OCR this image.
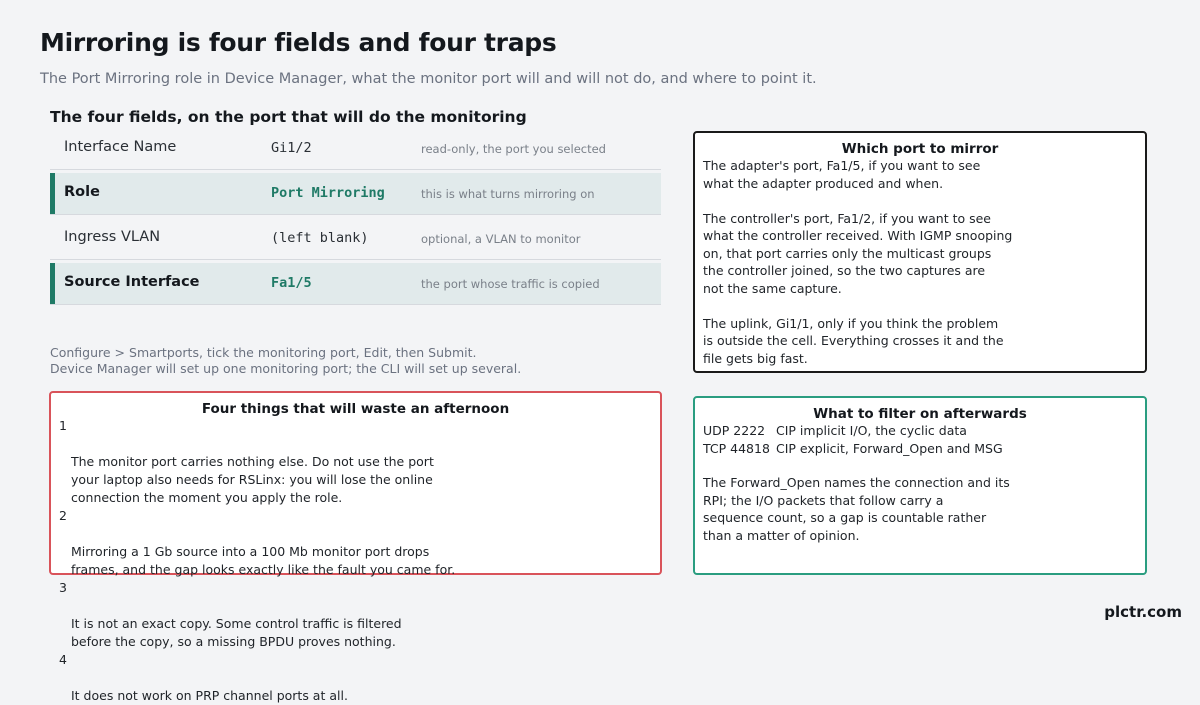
Mirroring is four fields and four traps
The Port Mirroring role in Device Manager, what the monitor port will and will not do, and where to point it.
The four fields, on the port that will do the monitoring
Interface Name	Gi1/2	read-only, the port you selected
Role	Port Mirroring	this is what turns mirroring on
Ingress VLAN	(left blank)	optional, a VLAN to monitor
Source Interface	Fa1/5	the port whose traffic is copied
Configure > Smartports, tick the monitoring port, Edit, then Submit.
Device Manager will set up one monitoring port; the CLI will set up several.
Which port to mirror
The adapter's port, Fa1/5, if you want to see
what the adapter produced and when.

The controller's port, Fa1/2, if you want to see
what the controller received. With IGMP snooping
on, that port carries only the multicast groups
the controller joined, so the two captures are
not the same capture.

The uplink, Gi1/1, only if you think the problem
is outside the cell. Everything crosses it and the
file gets big fast.
Four things that will waste an afternoon

1

The monitor port carries nothing else. Do not use the port
your laptop also needs for RSLinx: you will lose the online
connection the moment you apply the role.

2

Mirroring a 1 Gb source into a 100 Mb monitor port drops
frames, and the gap looks exactly like the fault you came for.

3

It is not an exact copy. Some control traffic is filtered
before the copy, so a missing BPDU proves nothing.

4

It does not work on PRP channel ports at all.

What to filter on afterwards
UDP 2222 CIP implicit I/O, the cyclic data
TCP 44818 CIP explicit, Forward_Open and MSG
The Forward_Open names the connection and its
RPI; the I/O packets that follow carry a
sequence count, so a gap is countable rather
than a matter of opinion.
plctr.com
